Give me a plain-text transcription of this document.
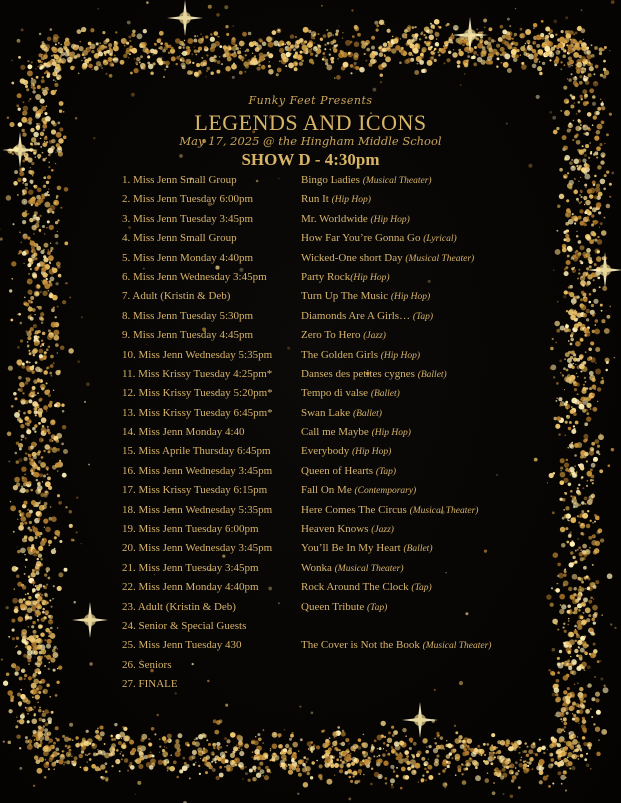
Funky Feet Presents
LEGENDS AND ICONS
May 17, 2025 @ the Hingham Middle School
SHOW D - 4:30pm
1. Miss Jenn Small Group	Bingo Ladies (Musical Theater)
2. Miss Jenn Tuesday 6:00pm	Run It (Hip Hop)
3. Miss Jenn Tuesday 3:45pm	Mr. Worldwide (Hip Hop)
4. Miss Jenn Small Group	How Far You’re Gonna Go (Lyrical)
5. Miss Jenn Monday 4:40pm	Wicked-One short Day (Musical Theater)
6. Miss Jenn Wednesday 3:45pm	Party Rock(Hip Hop)
7. Adult (Kristin & Deb)	Turn Up The Music (Hip Hop)
8. Miss Jenn Tuesday 5:30pm	Diamonds Are A Girls… (Tap)
9. Miss Jenn Tuesday 4:45pm	Zero To Hero (Jazz)
10. Miss Jenn Wednesday 5:35pm	The Golden Girls (Hip Hop)
11. Miss Krissy Tuesday 4:25pm*	Danses des petites cygnes (Ballet)
12. Miss Krissy Tuesday 5:20pm*	Tempo di valse (Ballet)
13. Miss Krissy Tuesday 6:45pm*	Swan Lake (Ballet)
14. Miss Jenn Monday 4:40	Call me Maybe (Hip Hop)
15. Miss Aprile Thursday 6:45pm	Everybody (Hip Hop)
16. Miss Jenn Wednesday 3:45pm	Queen of Hearts (Tap)
17. Miss Krissy Tuesday 6:15pm	Fall On Me (Contemporary)
18. Miss Jenn Wednesday 5:35pm	Here Comes The Circus (Musical Theater)
19. Miss Jenn Tuesday 6:00pm	Heaven Knows (Jazz)
20. Miss Jenn Wednesday 3:45pm	You’ll Be In My Heart (Ballet)
21. Miss Jenn Tuesday 3:45pm	Wonka (Musical Theater)
22. Miss Jenn Monday 4:40pm	Rock Around The Clock (Tap)
23. Adult (Kristin & Deb)	Queen Tribute (Tap)
24. Senior & Special Guests
25. Miss Jenn Tuesday 430	The Cover is Not the Book (Musical Theater)
26. Seniors
27. FINALE
